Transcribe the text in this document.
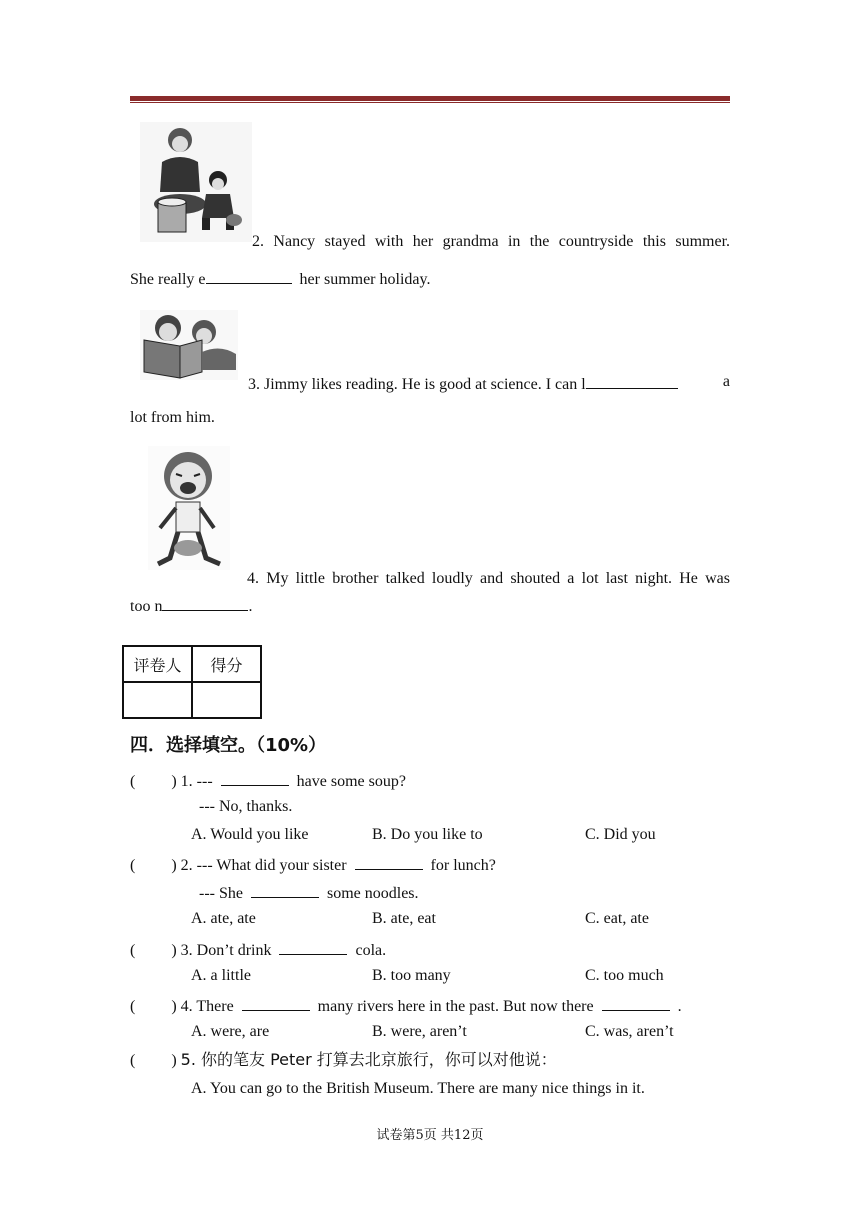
2. Nancy stayed with her grandma in the countryside this summer.
She really e	her summer holiday.
3. Jimmy likes reading. He is good at science. I can l	a
lot from him.
4. My little brother talked loudly and shouted a lot last night. He was
too n	.
评卷人	得分

四．选择填空。（10%）
( ) 1. ---	have some soup?
--- No, thanks.
A. Would you like	B. Do you like to	C. Did you
( ) 2. --- What did your sister	for lunch?
--- She	some noodles.
A. ate, ate	B. ate, eat	C. eat, ate
( ) 3. Don’t drink	cola.
A. a little	B. too many	C. too much
( ) 4. There	many rivers here in the past. But now there	.
A. were, are	B. were, aren’t	C. was, aren’t
( ) 5. 你的笔友 Peter 打算去北京旅行，你可以对他说：
A. You can go to the British Museum. There are many nice things in it.
试卷第5页 共12页
